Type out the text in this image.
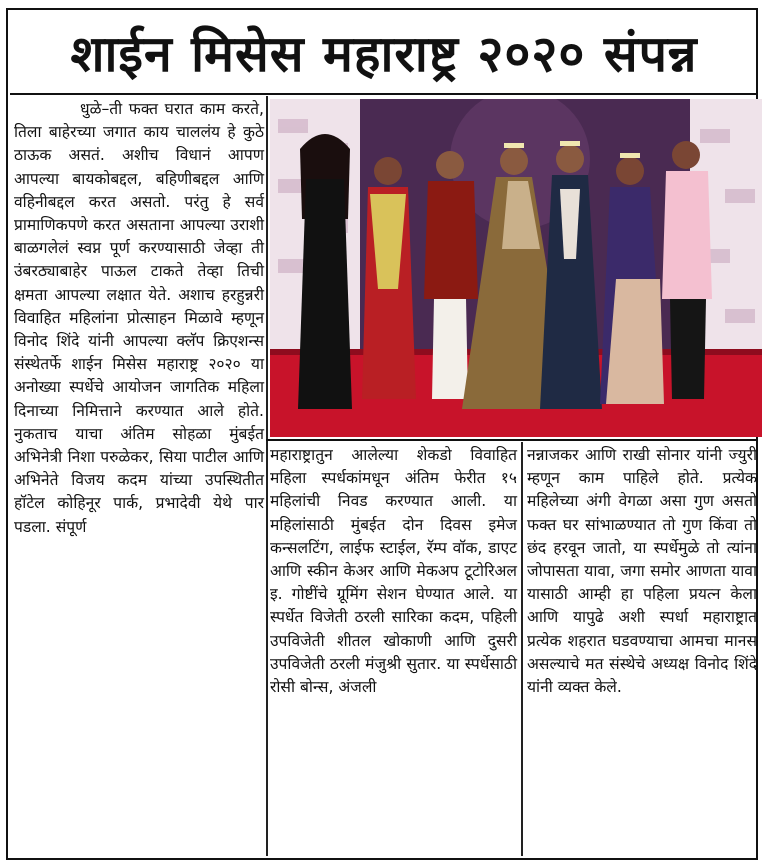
शाईन मिसेस महाराष्ट्र २०२० संपन्न

धुळे–ती फक्त घरात काम करते, तिला बाहेरच्या जगात काय चाललंय हे कुठे ठाऊक असतं. अशीच विधानं आपण आपल्या बायकोबद्दल, बहिणीबद्दल आणि वहिनीबद्दल करत असतो. परंतु हे सर्व प्रामाणिकपणे करत असताना आपल्या उराशी बाळगलेलं स्वप्न पूर्ण करण्यासाठी जेव्हा ती उंबरठ्याबाहेर पाऊल टाकते तेव्हा तिची क्षमता आपल्या लक्षात येते. अशाच हरहुन्नरी विवाहित महिलांना प्रोत्साहन मिळावे म्हणून विनोद शिंदे यांनी आपल्या क्लॅप क्रिएशन्स संस्थेतर्फे शाईन मिसेस महाराष्ट्र २०२० या अनोख्या स्पर्धेचे आयोजन जागतिक महिला दिनाच्या निमित्ताने करण्यात आले होते. नुकताच याचा अंतिम सोहळा मुंबईत अभिनेत्री निशा परुळेकर, सिया पाटील आणि अभिनेते विजय कदम यांच्या उपस्थितीत हॉटेल कोहिनूर पार्क, प्रभादेवी येथे पार पडला. संपूर्ण

महाराष्ट्रातुन आलेल्या शेकडो विवाहित महिला स्पर्धकांमधून अंतिम फेरीत १५ महिलांची निवड करण्यात आली. या महिलांसाठी मुंबईत दोन दिवस इमेज कन्सलटिंग, लाईफ स्टाईल, रॅम्प वॉक, डाएट आणि स्कीन केअर आणि मेकअप टूटोरिअल इ. गोष्टींचे ग्रूमिंग सेशन घेण्यात आले. या स्पर्धेत विजेती ठरली सारिका कदम, पहिली उपविजेती शीतल खोकाणी आणि दुसरी उपविजेती ठरली मंजुश्री सुतार. या स्पर्धेसाठी रोसी बोन्स, अंजली

नन्नाजकर आणि राखी सोनार यांनी ज्युरी म्हणून काम पाहिले होते. प्रत्येक महिलेच्या अंगी वेगळा असा गुण असतो फक्त घर सांभाळण्यात तो गुण किंवा तो छंद हरवून जातो, या स्पर्धेमुळे तो त्यांना जोपासता यावा, जगा समोर आणता यावा यासाठी आम्ही हा पहिला प्रयत्न केला आणि यापुढे अशी स्पर्धा महाराष्ट्रात प्रत्येक शहरात घडवण्याचा आमचा मानस असल्याचे मत संस्थेचे अध्यक्ष विनोद शिंदे यांनी व्यक्त केले.
